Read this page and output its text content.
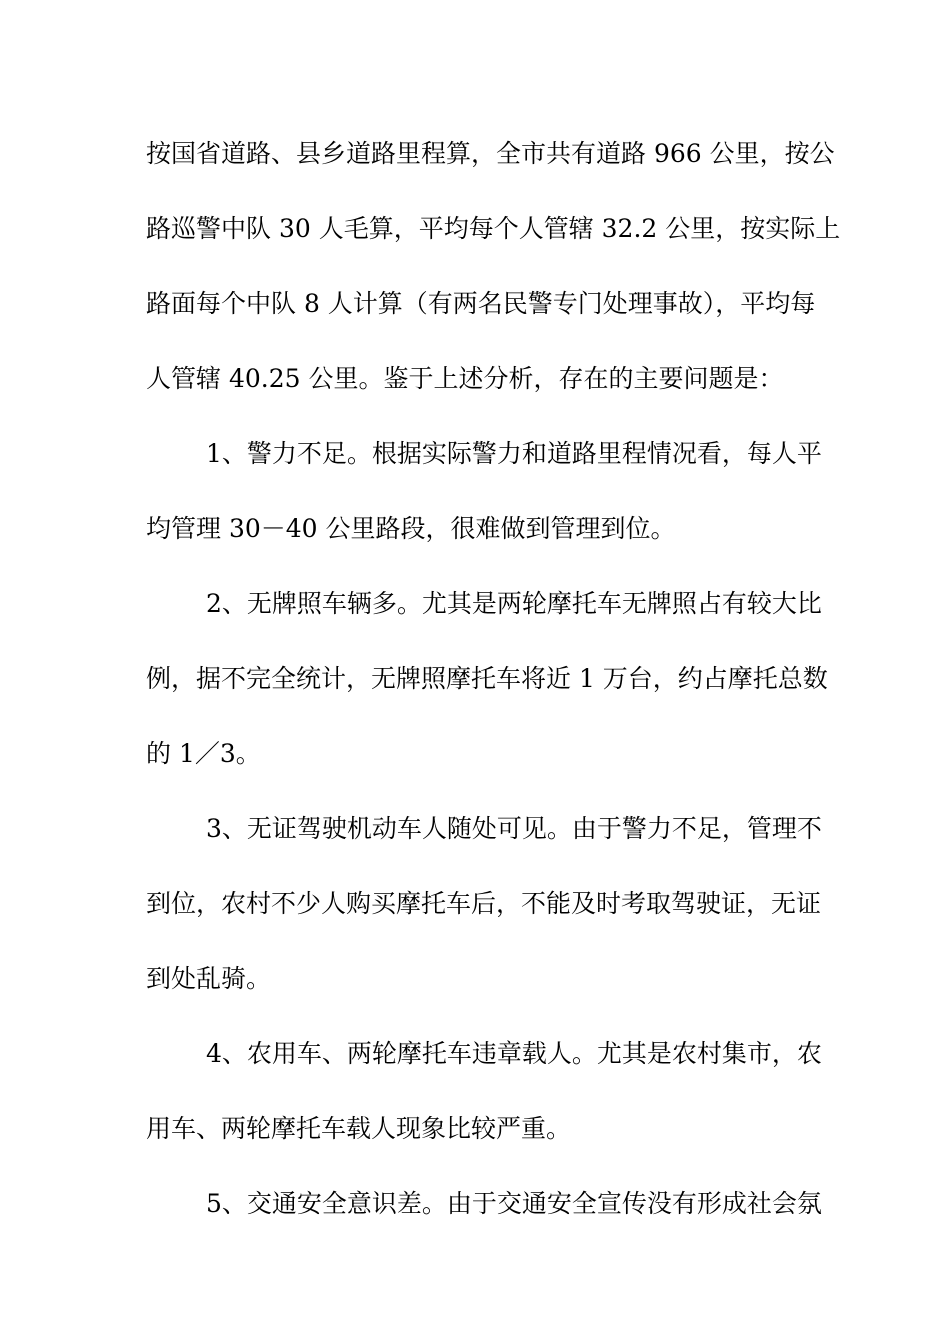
按国省道路、县乡道路里程算，全市共有道路 966 公里，按公
路巡警中队 30 人毛算，平均每个人管辖 32.2 公里，按实际上
路面每个中队 8 人计算（有两名民警专门处理事故），平均每
人管辖 40.25 公里。鉴于上述分析，存在的主要问题是：
1、警力不足。根据实际警力和道路里程情况看，每人平
均管理 30－40 公里路段，很难做到管理到位。
2、无牌照车辆多。尤其是两轮摩托车无牌照占有较大比
例，据不完全统计，无牌照摩托车将近 1 万台，约占摩托总数
的 1／3。
3、无证驾驶机动车人随处可见。由于警力不足，管理不
到位，农村不少人购买摩托车后，不能及时考取驾驶证，无证
到处乱骑。
4、农用车、两轮摩托车违章载人。尤其是农村集市，农
用车、两轮摩托车载人现象比较严重。
5、交通安全意识差。由于交通安全宣传没有形成社会氛
